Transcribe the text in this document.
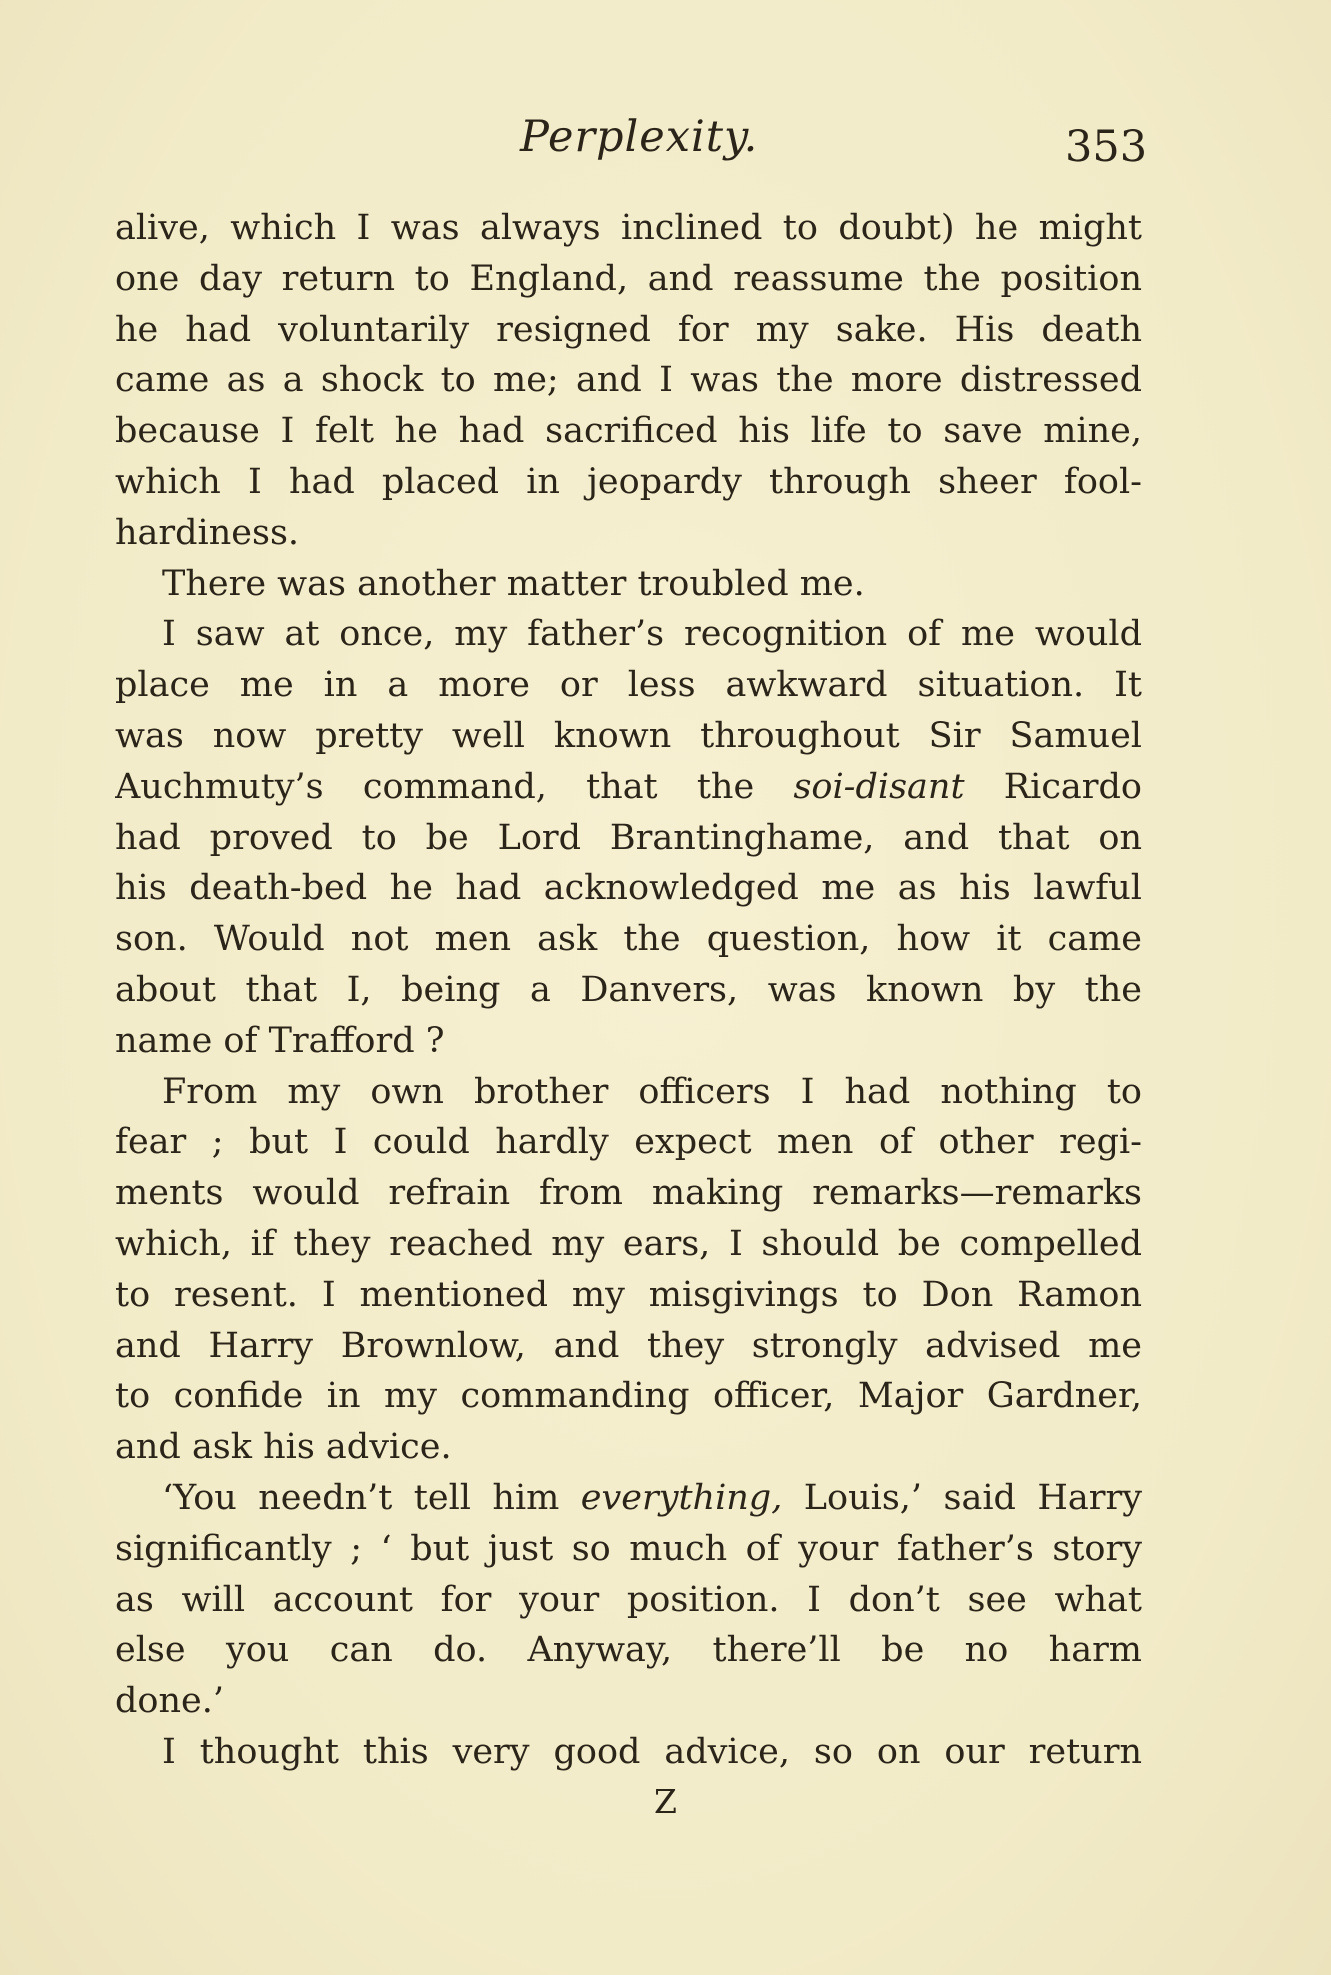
Perplexity.	353
alive, which I was always inclined to doubt) he might
one day return to England, and reassume the position
he had voluntarily resigned for my sake. His death
came as a shock to me; and I was the more distressed
because I felt he had sacrificed his life to save mine,
which I had placed in jeopardy through sheer fool-
hardiness.
There was another matter troubled me.
I saw at once, my father’s recognition of me would
place me in a more or less awkward situation. It
was now pretty well known throughout Sir Samuel
Auchmuty’s command, that the soi-disant Ricardo
had proved to be Lord Brantinghame, and that on
his death-bed he had acknowledged me as his lawful
son. Would not men ask the question, how it came
about that I, being a Danvers, was known by the
name of Trafford ?
From my own brother officers I had nothing to
fear ; but I could hardly expect men of other regi-
ments would refrain from making remarks—remarks
which, if they reached my ears, I should be compelled
to resent. I mentioned my misgivings to Don Ramon
and Harry Brownlow, and they strongly advised me
to confide in my commanding officer, Major Gardner,
and ask his advice.
‘You needn’t tell him everything, Louis,’ said Harry
significantly ; ‘ but just so much of your father’s story
as will account for your position. I don’t see what
else you can do. Anyway, there’ll be no harm
done.’
I thought this very good advice, so on our return
Z
